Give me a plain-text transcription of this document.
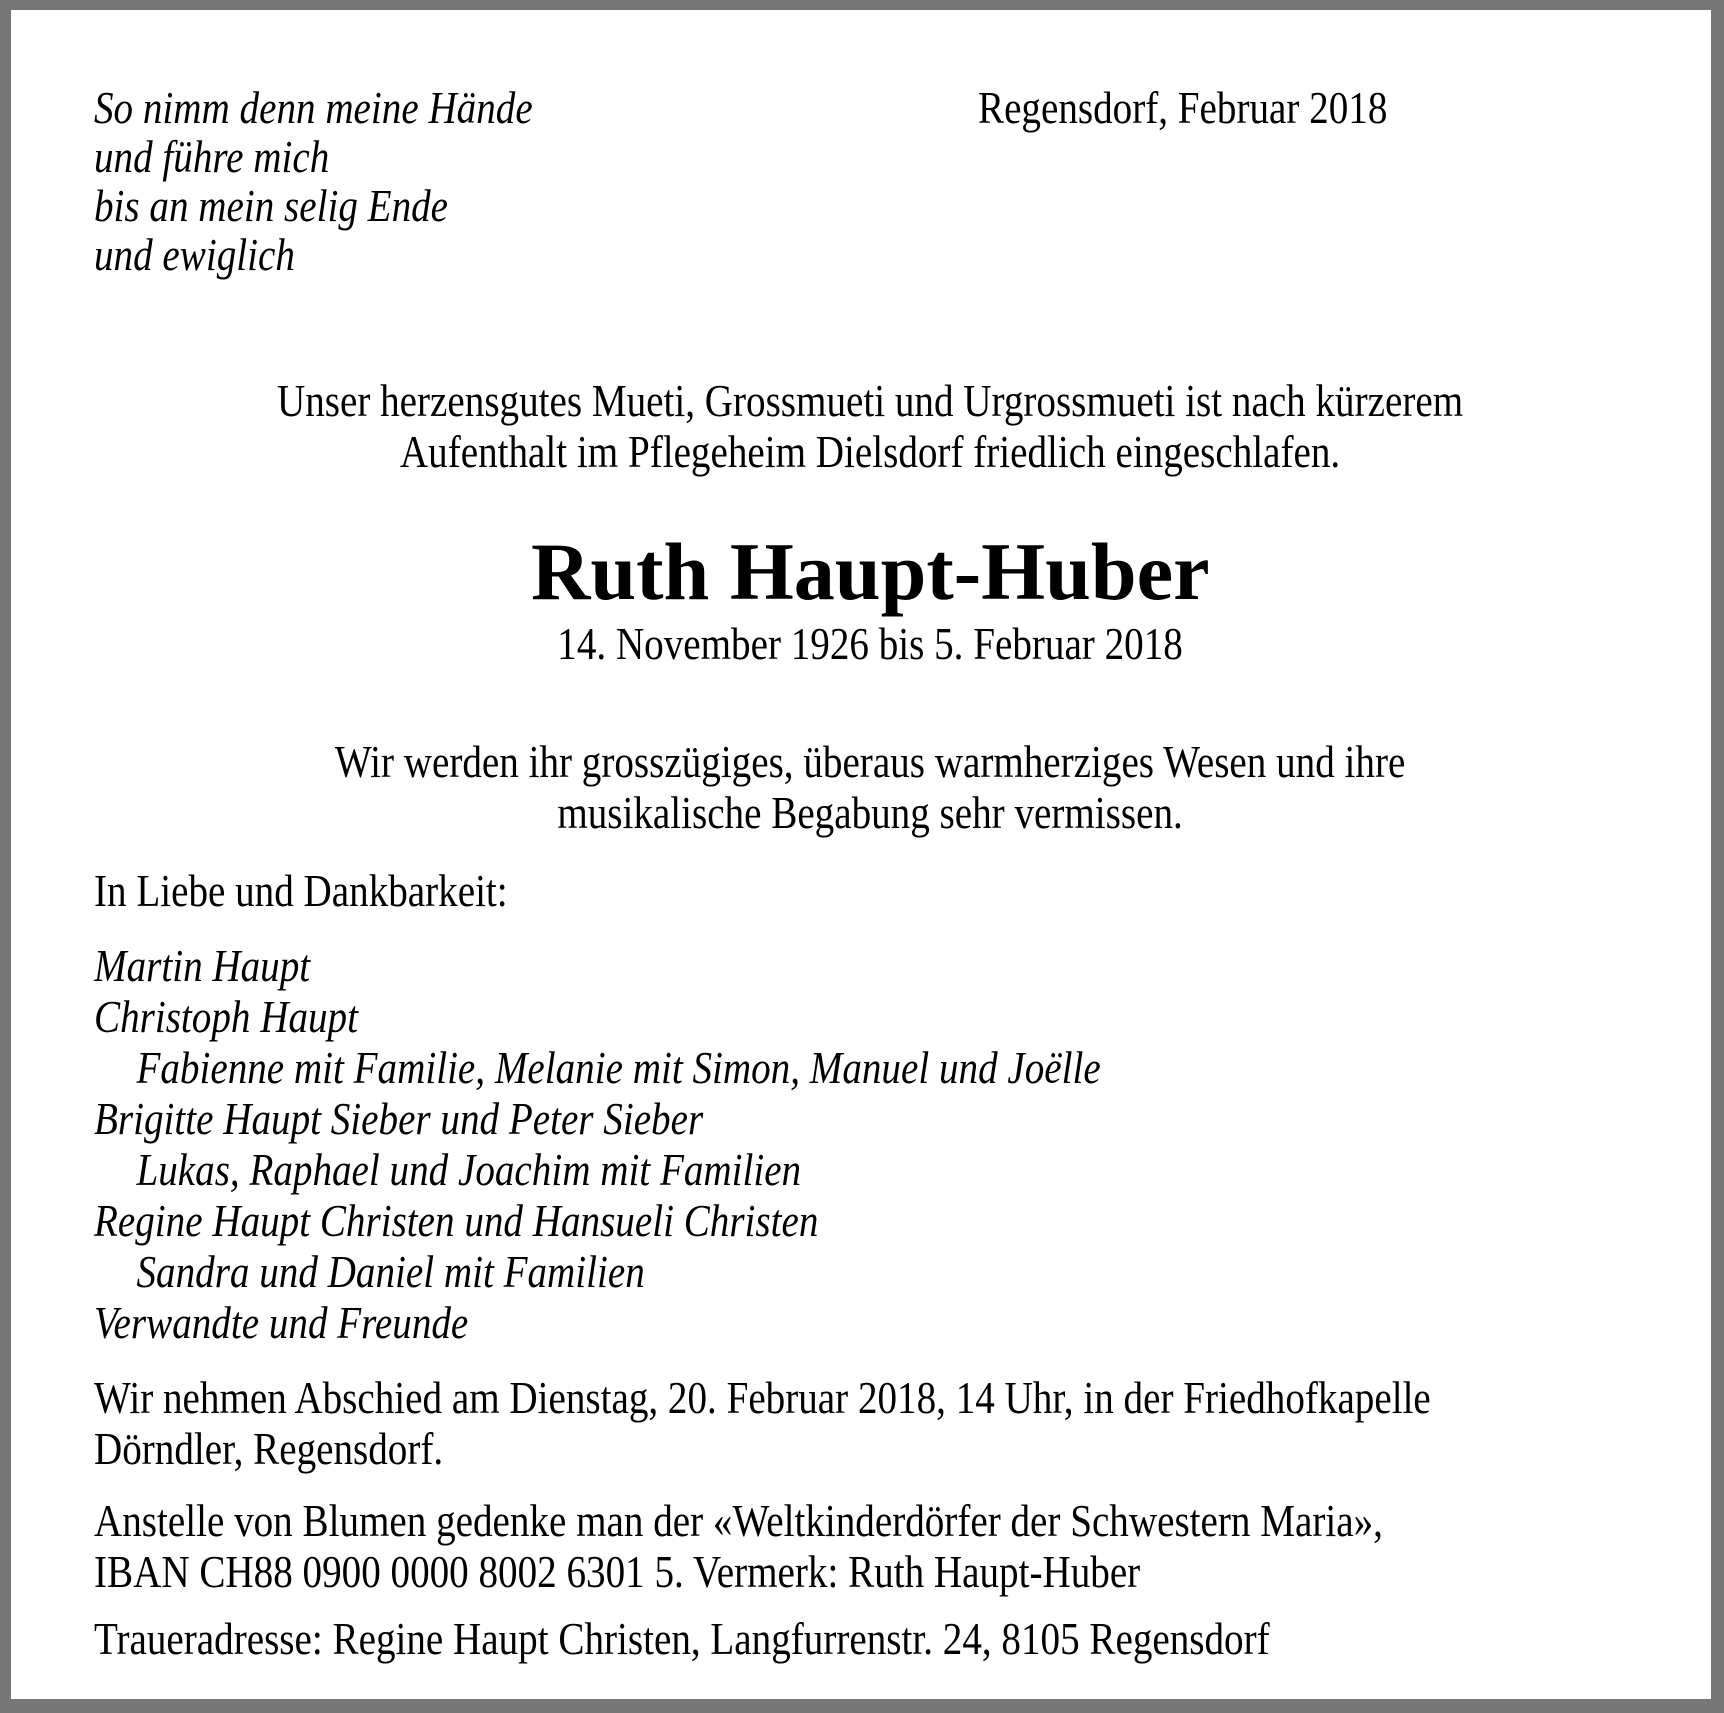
So nimm denn meine Hände
und führe mich
bis an mein selig Ende
und ewiglich
Regensdorf, Februar 2018
Unser herzensgutes Mueti, Grossmueti und Urgrossmueti ist nach kürzerem
Aufenthalt im Pflegeheim Dielsdorf friedlich eingeschlafen.
Ruth Haupt-Huber
14. November 1926 bis 5. Februar 2018
Wir werden ihr grosszügiges, überaus warmherziges Wesen und ihre
musikalische Begabung sehr vermissen.
In Liebe und Dankbarkeit:
Martin Haupt
Christoph Haupt
Fabienne mit Familie, Melanie mit Simon, Manuel und Joëlle
Brigitte Haupt Sieber und Peter Sieber
Lukas, Raphael und Joachim mit Familien
Regine Haupt Christen und Hansueli Christen
Sandra und Daniel mit Familien
Verwandte und Freunde
Wir nehmen Abschied am Dienstag, 20. Februar 2018, 14 Uhr, in der Friedhofkapelle
Dörndler, Regensdorf.
Anstelle von Blumen gedenke man der «Weltkinderdörfer der Schwestern Maria»,
IBAN CH88 0900 0000 8002 6301 5. Vermerk: Ruth Haupt-Huber
Traueradresse: Regine Haupt Christen, Langfurrenstr. 24, 8105 Regensdorf
